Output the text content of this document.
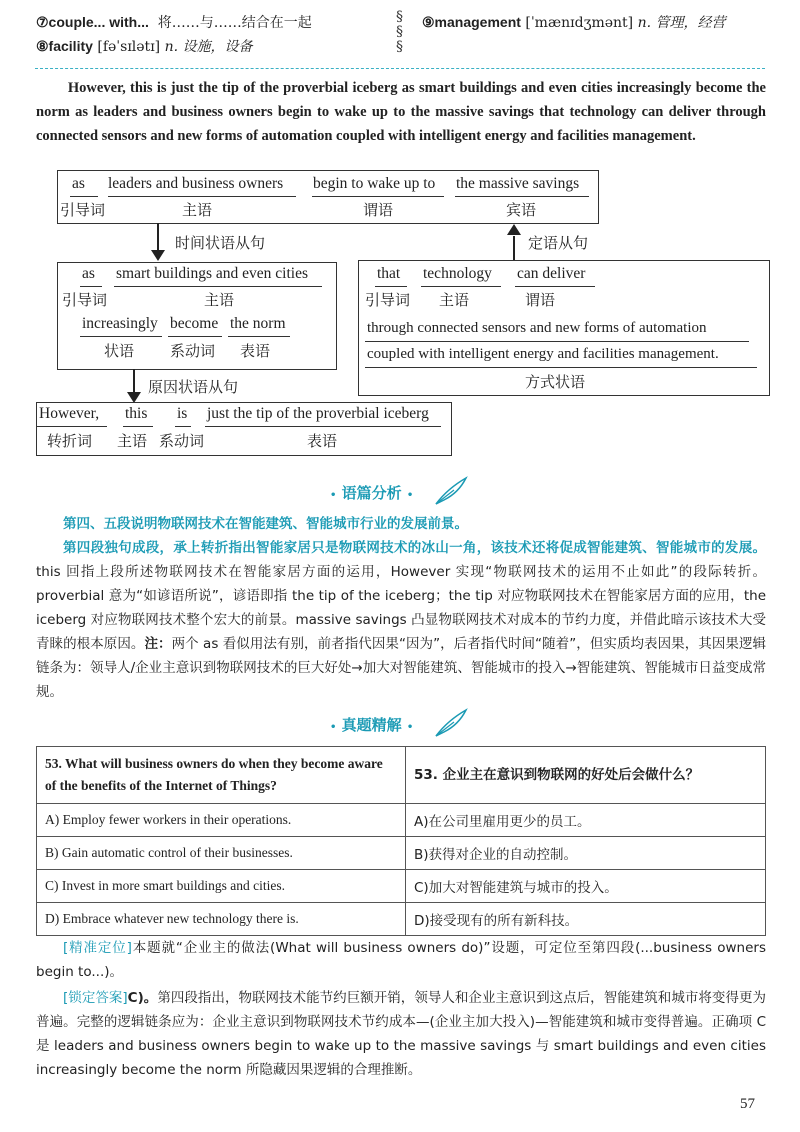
⑦couple... with... 将……与……结合在一起
⑧facility [fəˈsɪlətɪ] n. 设施，设备
§
§
§
⑨management [ˈmænɪdʒmənt] n. 管理，经营
However, this is just the tip of the proverbial iceberg as smart buildings and even cities increasingly become the norm as leaders and business owners begin to wake up to the massive savings that technology can deliver through connected sensors and new forms of automation coupled with intelligent energy and facilities management.
as leaders and business owners begin to wake up to the massive savings
引导词	主语	谓语	宾语
时间状语从句	定语从句
as smart buildings and even cities
引导词	主语
increasingly become the norm
状语 系动词 表语
that technology can deliver
引导词 主语	谓语
through connected sensors and new forms of automation
coupled with intelligent energy and facilities management.
方式状语
原因状语从句
However, this is just the tip of the proverbial iceberg
转折词 主语 系动词	表语
• 语篇分析 •
第四、五段说明物联网技术在智能建筑、智能城市行业的发展前景。
第四段独句成段，承上转折指出智能家居只是物联网技术的冰山一角，该技术还将促成智能建筑、智能城市的发展。this 回指上段所述物联网技术在智能家居方面的运用，However 实现“物联网技术的运用不止如此”的段际转折。proverbial 意为“如谚语所说”，谚语即指 the tip of the iceberg；the tip 对应物联网技术在智能家居方面的应用，the iceberg 对应物联网技术整个宏大的前景。massive savings 凸显物联网技术对成本的节约力度，并借此暗示该技术大受青睐的根本原因。注：两个 as 看似用法有别，前者指代因果“因为”，后者指代时间“随着”，但实质均表因果，其因果逻辑链条为：领导人/企业主意识到物联网技术的巨大好处→加大对智能建筑、智能城市的投入→智能建筑、智能城市日益变成常规。
• 真题精解 •
53. What will business owners do when they become aware of the benefits of the Internet of Things?	53. 企业主在意识到物联网的好处后会做什么？
A) Employ fewer workers in their operations.	A)在公司里雇用更少的员工。
B) Gain automatic control of their businesses.	B)获得对企业的自动控制。
C) Invest in more smart buildings and cities.	C)加大对智能建筑与城市的投入。
D) Embrace whatever new technology there is.	D)接受现有的所有新科技。
[精准定位]本题就“企业主的做法(What will business owners do)”设题，可定位至第四段(...business owners begin to...)。
[锁定答案]C)。第四段指出，物联网技术能节约巨额开销，领导人和企业主意识到这点后，智能建筑和城市将变得更为普遍。完整的逻辑链条应为：企业主意识到物联网技术节约成本—(企业主加大投入)—智能建筑和城市变得普遍。正确项 C 是 leaders and business owners begin to wake up to the massive savings 与 smart buildings and even cities increasingly become the norm 所隐藏因果逻辑的合理推断。
57
